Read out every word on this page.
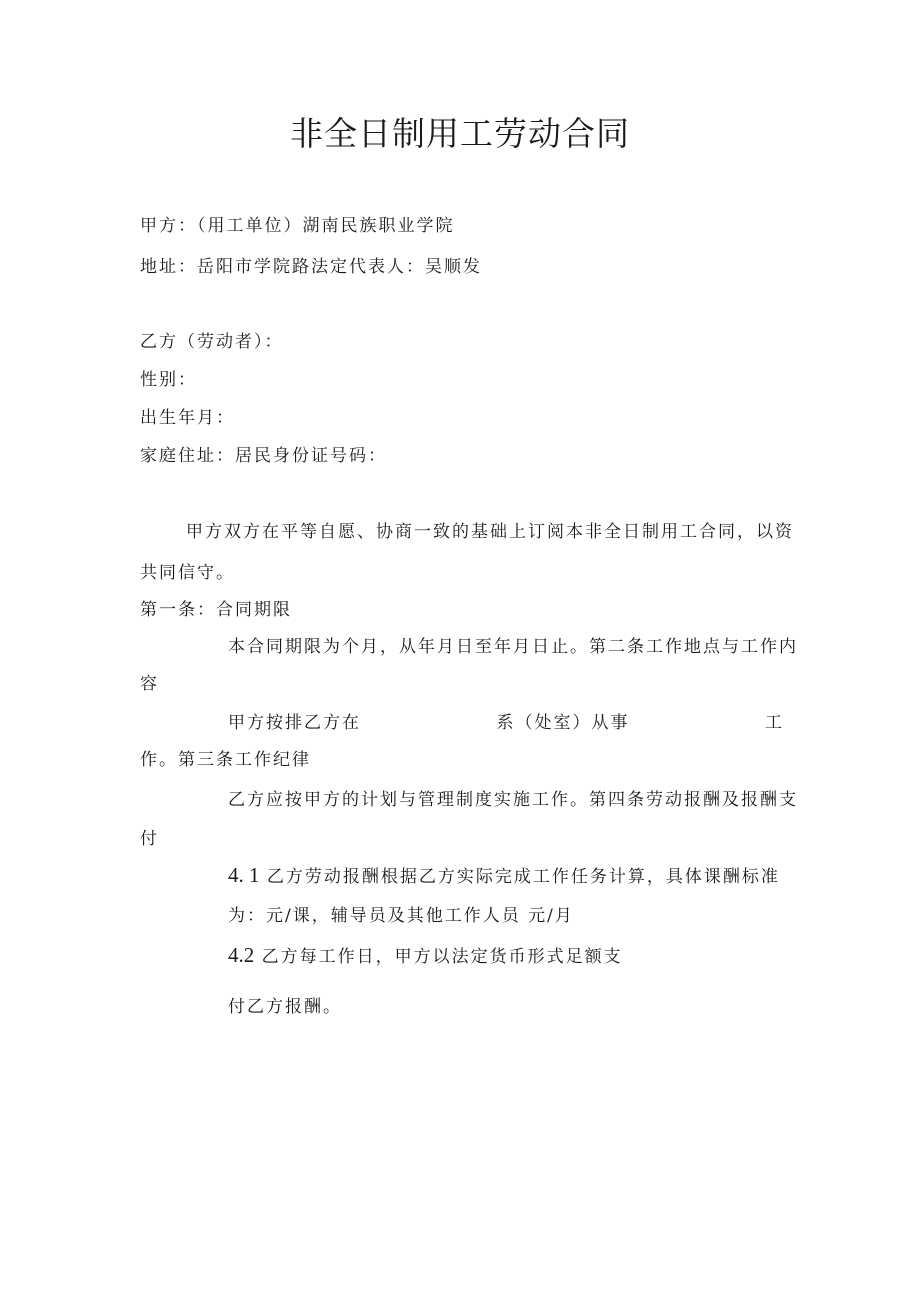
非全日制用工劳动合同
甲方：（用工单位）湖南民族职业学院
地址：岳阳市学院路法定代表人：吴顺发
乙方（劳动者）：
性别：
出生年月：
家庭住址：居民身份证号码：
甲方双方在平等自愿、协商一致的基础上订阅本非全日制用工合同，以资
共同信守。
第一条：合同期限
本合同期限为个月，从年月日至年月日止。第二条工作地点与工作内
容
甲方按排乙方在	系（处室）从事	工
作。第三条工作纪律
乙方应按甲方的计划与管理制度实施工作。第四条劳动报酬及报酬支
付
4. 1 乙方劳动报酬根据乙方实际完成工作任务计算，具体课酬标准
为：元/课，辅导员及其他工作人员 元/月
4.2 乙方每工作日，甲方以法定货币形式足额支
付乙方报酬。
